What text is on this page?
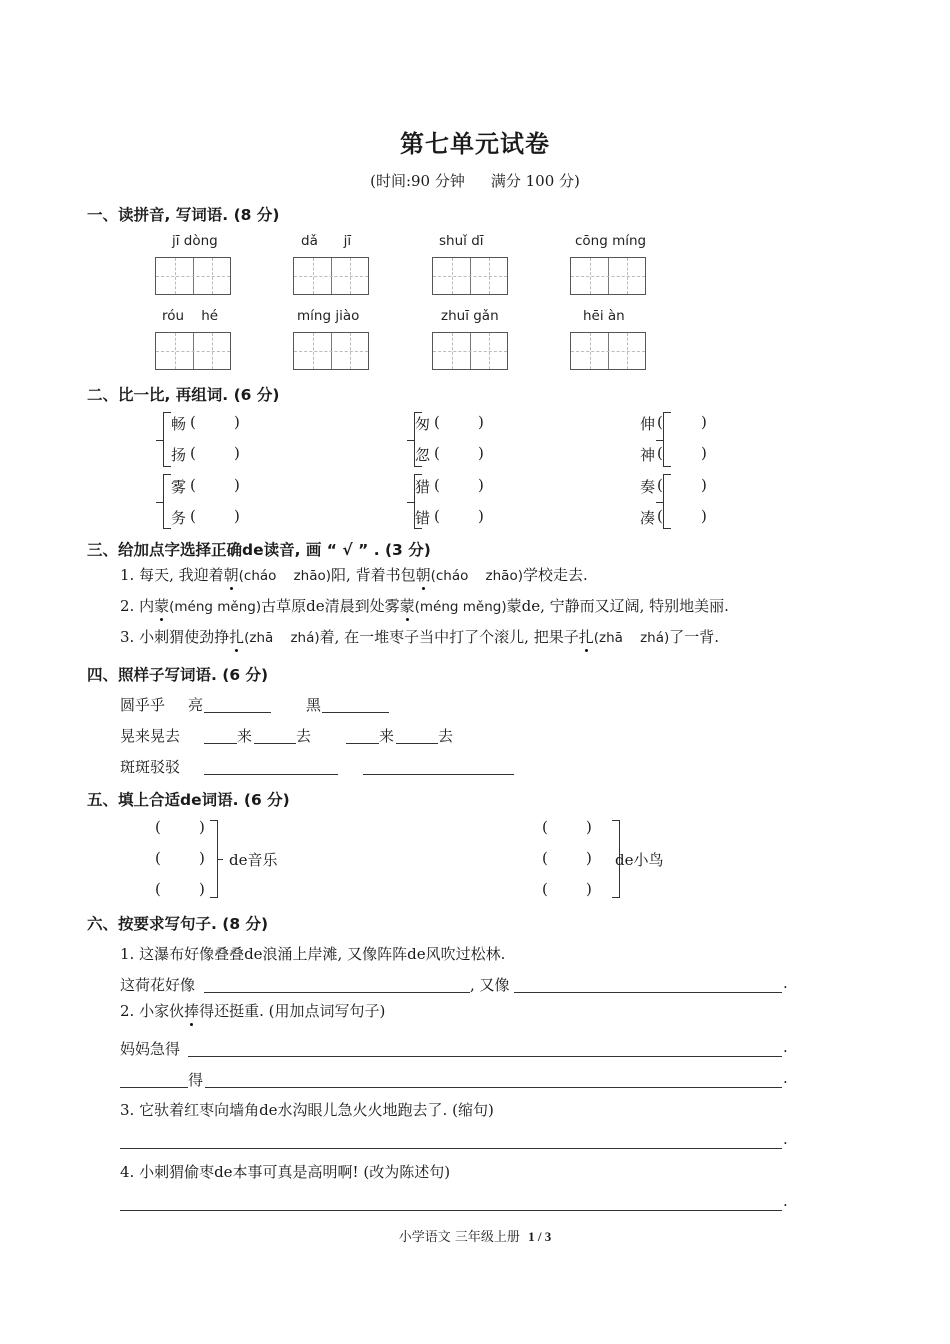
第七单元试卷
(时间:90 分钟 满分 100 分)
一、读拼音, 写词语. (8 分)
jī dòng	dǎ      jī	shuǐ dī	cōng míng
róu    hé	míng jiào	zhuī gǎn	hēi àn
二、比一比, 再组词. (6 分)
畅 (        )
扬 (        )
雾 (        )
务 (        )
匆 (        )
忽 (        )
猎 (        )
错 (        )
伸 (        )
神 (        )
奏 (        )
凑 (        )
三、给加点字选择正确de读音, 画 “ √ ” . (3 分)
1. 每天, 我迎着朝(cháo    zhāo)阳, 背着书包朝(cháo    zhāo)学校走去.
2. 内蒙(méng měng)古草原de清晨到处雾蒙(méng měng)蒙de, 宁静而又辽阔, 特别地美丽.
3. 小刺猬使劲挣扎(zhā    zhá)着, 在一堆枣子当中打了个滚儿, 把果子扎(zhā    zhá)了一背.
四、照样子写词语. (6 分)
圆乎乎 亮	黑
晃来晃去	来	去	来	去
斑斑驳驳
五、填上合适de词语. (6 分)
(        )
(        )
(        )
de音乐
(        )
(        )
(        )
de小鸟
六、按要求写句子. (8 分)
1. 这瀑布好像叠叠de浪涌上岸滩, 又像阵阵de风吹过松林.
这荷花好像	, 又像	.
2. 小家伙捧得还挺重. (用加点词写句子)
妈妈急得	.
得	.
3. 它驮着红枣向墙角de水沟眼儿急火火地跑去了. (缩句)
.
4. 小刺猬偷枣de本事可真是高明啊! (改为陈述句)
.
小学语文 三年级上册 1 / 3
